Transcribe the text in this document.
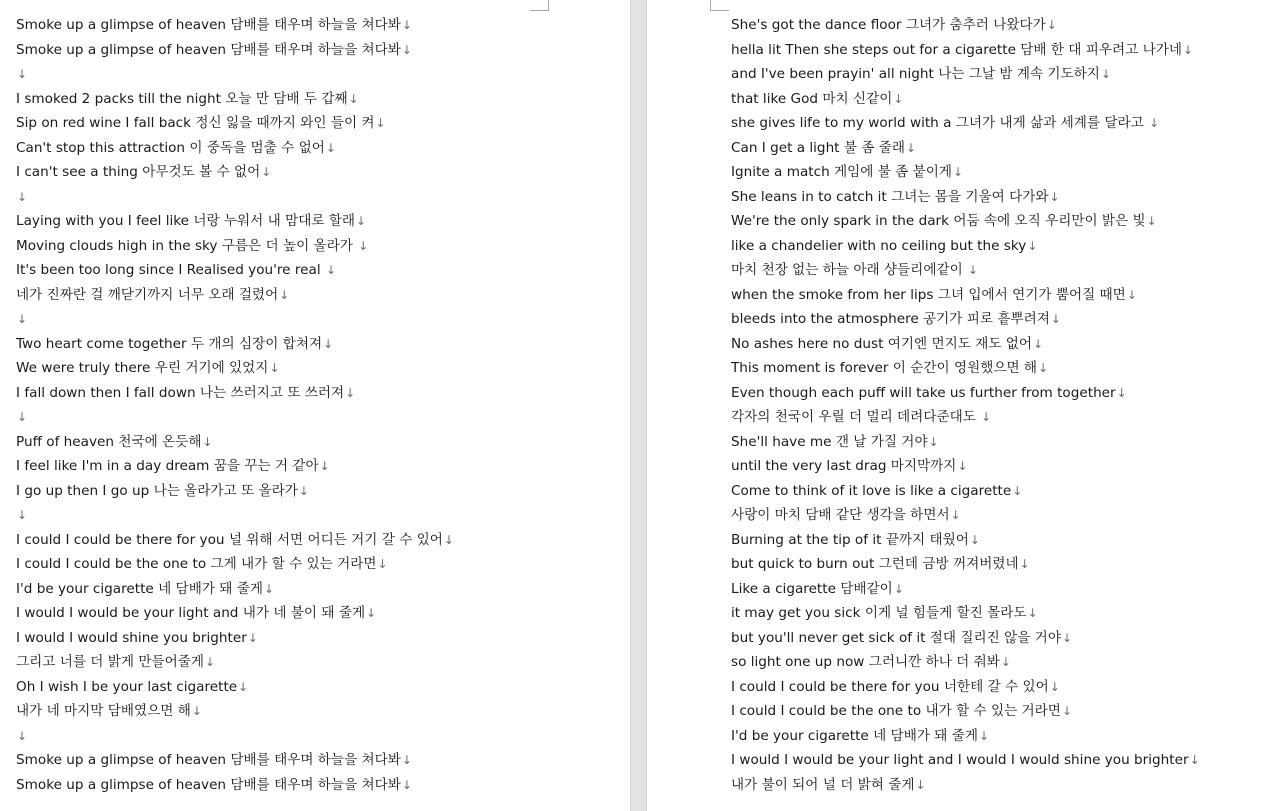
Smoke up a glimpse of heaven 담배를 태우며 하늘을 쳐다봐↓
Smoke up a glimpse of heaven 담배를 태우며 하늘을 쳐다봐↓
↓
I smoked 2 packs till the night 오늘 만 담배 두 갑째↓
Sip on red wine I fall back 정신 잃을 때까지 와인 들이 켜↓
Can't stop this attraction 이 중독을 멈출 수 없어↓
I can't see a thing 아무것도 볼 수 없어↓
↓
Laying with you I feel like 너랑 누워서 내 맘대로 할래↓
Moving clouds high in the sky 구름은 더 높이 올라가 ↓
It's been too long since I Realised you're real ↓
네가 진짜란 걸 깨닫기까지 너무 오래 걸렸어↓
↓
Two heart come together 두 개의 심장이 합쳐져↓
We were truly there 우린 거기에 있었지↓
I fall down then I fall down 나는 쓰러지고 또 쓰러져↓
↓
Puff of heaven 천국에 온듯해↓
I feel like I'm in a day dream 꿈을 꾸는 거 같아↓
I go up then I go up 나는 올라가고 또 올라가↓
↓
I could I could be there for you 널 위해 서면 어디든 거기 갈 수 있어↓
I could I could be the one to 그게 내가 할 수 있는 거라면↓
I'd be your cigarette 네 담배가 돼 줄게↓
I would I would be your light and 내가 네 불이 돼 줄게↓
I would I would shine you brighter↓
그리고 너를 더 밝게 만들어줄게↓
Oh I wish I be your last cigarette↓
내가 네 마지막 담배였으면 해↓
↓
Smoke up a glimpse of heaven 담배를 태우며 하늘을 쳐다봐↓
Smoke up a glimpse of heaven 담배를 태우며 하늘을 쳐다봐↓
She's got the dance floor 그녀가 춤추러 나왔다가↓
hella lit Then she steps out for a cigarette 담배 한 대 피우려고 나가네↓
and I've been prayin' all night 나는 그날 밤 계속 기도하지↓
that like God 마치 신같이↓
she gives life to my world with a 그녀가 내게 삶과 세계를 달라고 ↓
Can I get a light 불 좀 줄래↓
Ignite a match 게임에 불 좀 붙이게↓
She leans in to catch it 그녀는 몸을 기울여 다가와↓
We're the only spark in the dark 어둠 속에 오직 우리만이 밝은 빛↓
like a chandelier with no ceiling but the sky↓
마치 천장 없는 하늘 아래 샹들리에같이 ↓
when the smoke from her lips 그녀 입에서 연기가 뿜어질 때면↓
bleeds into the atmosphere 공기가 피로 흩뿌려져↓
No ashes here no dust 여기엔 먼지도 재도 없어↓
This moment is forever 이 순간이 영원했으면 해↓
Even though each puff will take us further from together↓
각자의 천국이 우릴 더 멀리 데려다준대도 ↓
She'll have me 갠 날 가질 거야↓
until the very last drag 마지막까지↓
Come to think of it love is like a cigarette↓
사랑이 마치 담배 같단 생각을 하면서↓
Burning at the tip of it 끝까지 태웠어↓
but quick to burn out 그런데 금방 꺼져버렸네↓
Like a cigarette 담배같이↓
it may get you sick 이게 널 힘들게 할진 몰라도↓
but you'll never get sick of it 절대 질리진 않을 거야↓
so light one up now 그러니깐 하나 더 줘봐↓
I could I could be there for you 너한테 갈 수 있어↓
I could I could be the one to 내가 할 수 있는 거라면↓
I'd be your cigarette 네 담배가 돼 줄게↓
I would I would be your light and I would I would shine you brighter↓
내가 불이 되어 널 더 밝혀 줄게↓
